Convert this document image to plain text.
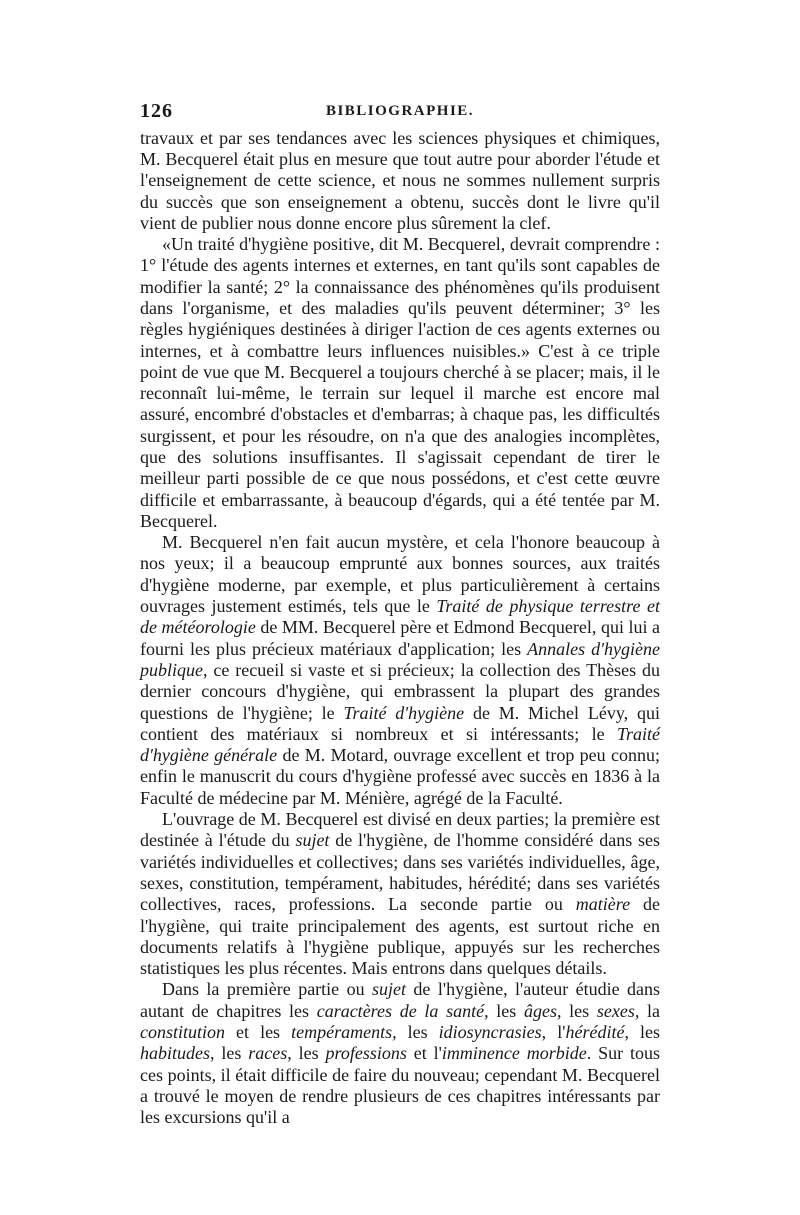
126	BIBLIOGRAPHIE.

travaux et par ses tendances avec les sciences physiques et chimiques, M. Becquerel était plus en mesure que tout autre pour aborder l'étude et l'enseignement de cette science, et nous ne sommes nullement surpris du succès que son enseignement a obtenu, succès dont le livre qu'il vient de publier nous donne encore plus sûrement la clef.

«Un traité d'hygiène positive, dit M. Becquerel, devrait comprendre : 1° l'étude des agents internes et externes, en tant qu'ils sont capables de modifier la santé; 2° la connaissance des phénomènes qu'ils produisent dans l'organisme, et des maladies qu'ils peuvent déterminer; 3° les règles hygiéniques destinées à diriger l'action de ces agents externes ou internes, et à combattre leurs influences nuisibles.» C'est à ce triple point de vue que M. Becquerel a toujours cherché à se placer; mais, il le reconnaît lui-même, le terrain sur lequel il marche est encore mal assuré, encombré d'obstacles et d'embarras; à chaque pas, les difficultés surgissent, et pour les résoudre, on n'a que des analogies incomplètes, que des solutions insuffisantes. Il s'agissait cependant de tirer le meilleur parti possible de ce que nous possédons, et c'est cette œuvre difficile et embarrassante, à beaucoup d'égards, qui a été tentée par M. Becquerel.

M. Becquerel n'en fait aucun mystère, et cela l'honore beaucoup à nos yeux; il a beaucoup emprunté aux bonnes sources, aux traités d'hygiène moderne, par exemple, et plus particulièrement à certains ouvrages justement estimés, tels que le Traité de physique terrestre et de météorologie de MM. Becquerel père et Edmond Becquerel, qui lui a fourni les plus précieux matériaux d'application; les Annales d'hygiène publique, ce recueil si vaste et si précieux; la collection des Thèses du dernier concours d'hygiène, qui embrassent la plupart des grandes questions de l'hygiène; le Traité d'hygiène de M. Michel Lévy, qui contient des matériaux si nombreux et si intéressants; le Traité d'hygiène générale de M. Motard, ouvrage excellent et trop peu connu; enfin le manuscrit du cours d'hygiène professé avec succès en 1836 à la Faculté de médecine par M. Ménière, agrégé de la Faculté.

L'ouvrage de M. Becquerel est divisé en deux parties; la première est destinée à l'étude du sujet de l'hygiène, de l'homme considéré dans ses variétés individuelles et collectives; dans ses variétés individuelles, âge, sexes, constitution, tempérament, habitudes, hérédité; dans ses variétés collectives, races, professions. La seconde partie ou matière de l'hygiène, qui traite principalement des agents, est surtout riche en documents relatifs à l'hygiène publique, appuyés sur les recherches statistiques les plus récentes. Mais entrons dans quelques détails.

Dans la première partie ou sujet de l'hygiène, l'auteur étudie dans autant de chapitres les caractères de la santé, les âges, les sexes, la constitution et les tempéraments, les idiosyncrasies, l'hérédité, les habitudes, les races, les professions et l'imminence morbide. Sur tous ces points, il était difficile de faire du nouveau; cependant M. Becquerel a trouvé le moyen de rendre plusieurs de ces chapitres intéressants par les excursions qu'il a
